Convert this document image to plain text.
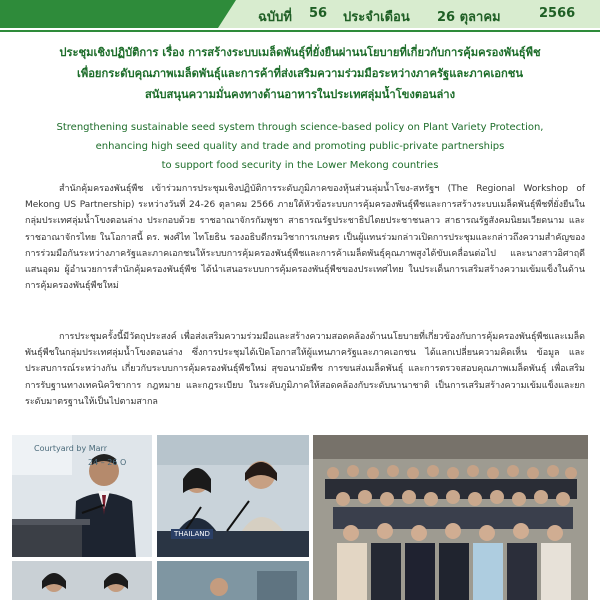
ฉบับที่ 56 ประจำเดือน 26 ตุลาคม	2566
ประชุมเชิงปฏิบัติการ เรื่อง การสร้างระบบเมล็ดพันธุ์ที่ยั่งยืนผ่านนโยบายที่เกี่ยวกับการคุ้มครองพันธุ์พืช
เพื่อยกระดับคุณภาพเมล็ดพันธุ์และการค้าที่ส่งเสริมความร่วมมือระหว่างภาครัฐและภาคเอกชน
สนับสนุนความมั่นคงทางด้านอาหารในประเทศลุ่มน้ำโขงตอนล่าง
Strengthening sustainable seed system through science-based policy on Plant Variety Protection,
enhancing high seed quality and trade and promoting public-private partnerships
to support food security in the Lower Mekong countries

สำนักคุ้มครองพันธุ์พืช เข้าร่วมการประชุมเชิงปฏิบัติการระดับภูมิภาคของหุ้นส่วนลุ่มน้ำโขง-สหรัฐฯ (The Regional Workshop of Mekong US Partnership) ระหว่างวันที่ 24-26 ตุลาคม 2566 ภายใต้หัวข้อระบบการคุ้มครองพันธุ์พืชและการสร้างระบบเมล็ดพันธุ์พืชที่ยั่งยืนในกลุ่มประเทศลุ่มน้ำโขงตอนล่าง ประกอบด้วย ราชอาณาจักรกัมพูชา สาธารณรัฐประชาธิปไตยประชาชนลาว สาธารณรัฐสังคมนิยมเวียดนาม และราชอาณาจักรไทย ในโอกาสนี้ ดร. พงศ์ไท ไทโยธิน รองอธิบดีกรมวิชาการเกษตร เป็นผู้แทนร่วมกล่าวเปิดการประชุมและกล่าวถึงความสำคัญของการร่วมมือกันระหว่างภาครัฐและภาคเอกชนให้ระบบการคุ้มครองพันธุ์พืชและการค้าเมล็ดพันธุ์คุณภาพสูงได้ขับเคลื่อนต่อไป และนางสาวอิศาฤดี แสนอุดม ผู้อำนวยการสำนักคุ้มครองพันธุ์พืช ได้นำเสนอระบบการคุ้มครองพันธุ์พืชของประเทศไทย ในประเด็นการเสริมสร้างความเข้มแข็งในด้านการคุ้มครองพันธุ์พืชใหม่

การประชุมครั้งนี้มีวัตถุประสงค์ เพื่อส่งเสริมความร่วมมือและสร้างความสอดคล้องด้านนโยบายที่เกี่ยวข้องกับการคุ้มครองพันธุ์พืชและเมล็ดพันธุ์พืชในกลุ่มประเทศลุ่มน้ำโขงตอนล่าง ซึ่งการประชุมได้เปิดโอกาสให้ผู้แทนภาครัฐและภาคเอกชน ได้แลกเปลี่ยนความคิดเห็น ข้อมูล และประสบการณ์ระหว่างกัน เกี่ยวกับระบบการคุ้มครองพันธุ์พืชใหม่ สุขอนามัยพืช การขนส่งเมล็ดพันธุ์ และการตรวจสอบคุณภาพเมล็ดพันธุ์ เพื่อเสริมการรับฐานทางเทคนิควิชาการ กฎหมาย และกฎระเบียบ ในระดับภูมิภาคให้สอดคล้องกับระดับนานาชาติ เป็นการเสริมสร้างความเข้มแข็งและยกระดับมาตรฐานให้เป็นไปตามสากล

THAILAND
Courtyard by Marr
24 – 26 O
